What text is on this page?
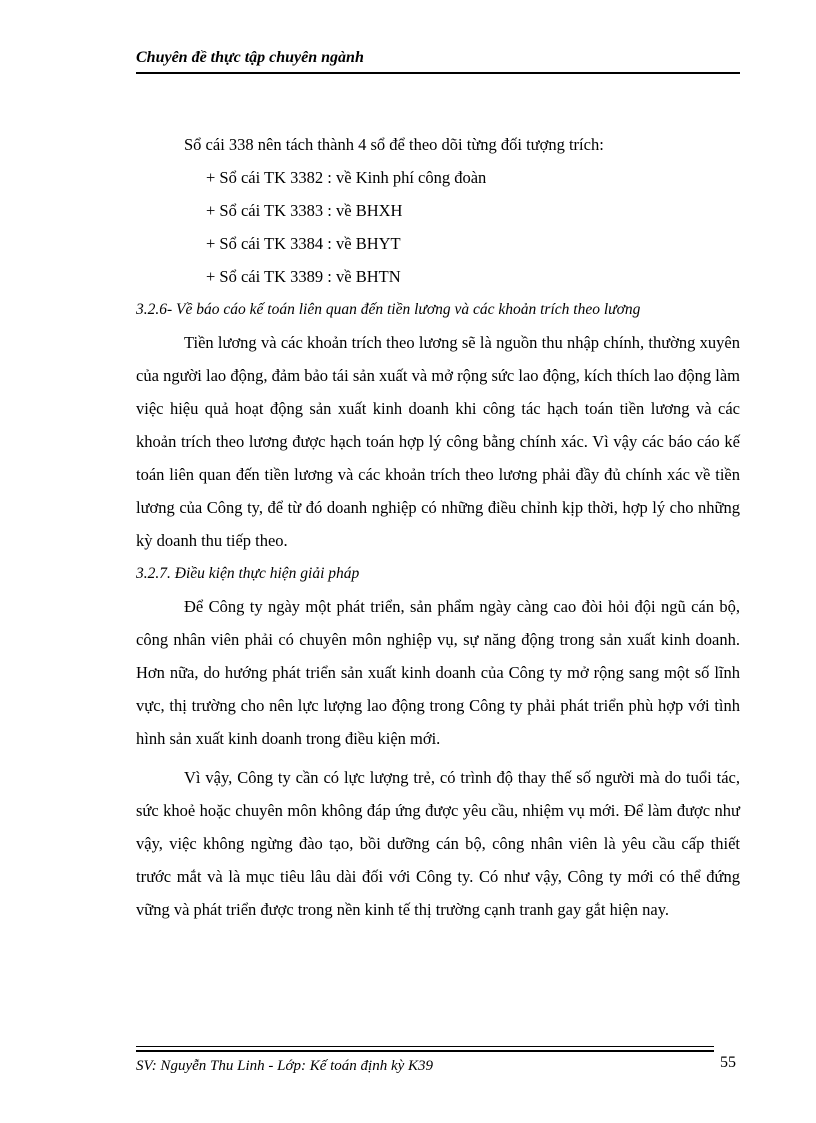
Chuyên đề thực tập chuyên ngành

Sổ cái 338 nên tách thành 4 sổ để theo dõi từng đối tượng trích:

+ Sổ cái TK 3382 : về Kinh phí công đoàn

+ Sổ cái TK 3383 : về BHXH

+ Sổ cái TK 3384 : về BHYT

+ Sổ cái TK 3389 : về BHTN

3.2.6- Về báo cáo kế toán liên quan đến tiền lương và các khoản trích theo lương

Tiền lương và các khoản trích theo lương sẽ là nguồn thu nhập chính, thường xuyên của người lao động, đảm bảo tái sản xuất và mở rộng sức lao động, kích thích lao động làm việc hiệu quả hoạt động sản xuất kinh doanh khi công tác hạch toán tiền lương và các khoản trích theo lương được hạch toán hợp lý công bằng chính xác. Vì vậy các báo cáo kế toán liên quan đến tiền lương và các khoản trích theo lương phải đầy đủ chính xác về tiền lương của Công ty, để từ đó doanh nghiệp có những điều chỉnh kịp thời, hợp lý cho những kỳ doanh thu tiếp theo.

3.2.7. Điều kiện thực hiện giải pháp

Để Công ty ngày một phát triển, sản phẩm ngày càng cao đòi hỏi đội ngũ cán bộ, công nhân viên phải có chuyên môn nghiệp vụ, sự năng động trong sản xuất kinh doanh. Hơn nữa, do hướng phát triển sản xuất kinh doanh của Công ty mở rộng sang một số lĩnh vực, thị trường cho nên lực lượng lao động trong Công ty phải phát triển phù hợp với tình hình sản xuất kinh doanh trong điều kiện mới.

Vì vậy, Công ty cần có lực lượng trẻ, có trình độ thay thế số người mà do tuổi tác, sức khoẻ hoặc chuyên môn không đáp ứng được yêu cầu, nhiệm vụ mới. Để làm được như vậy, việc không ngừng đào tạo, bồi dưỡng cán bộ, công nhân viên là yêu cầu cấp thiết trước mắt và là mục tiêu lâu dài đối với Công ty. Có như vậy, Công ty mới có thể đứng vững và phát triển được trong nền kinh tế thị trường cạnh tranh gay gắt hiện nay.

SV: Nguyễn Thu Linh - Lớp: Kế toán định kỳ K39	55
